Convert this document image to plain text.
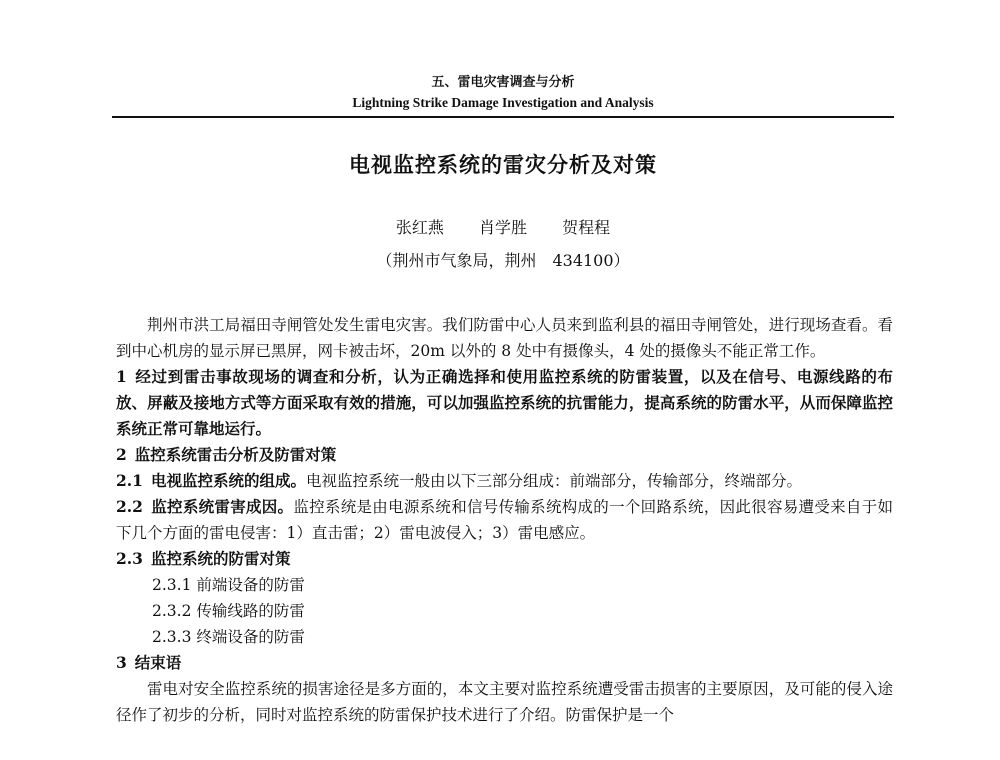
五、雷电灾害调查与分析
Lightning Strike Damage Investigation and Analysis
电视监控系统的雷灾分析及对策
张红燕 肖学胜 贺程程
（荆州市气象局，荆州　434100）

荆州市洪工局福田寺闸管处发生雷电灾害。我们防雷中心人员来到监利县的福田寺闸管处，进行现场查看。看到中心机房的显示屏已黑屏，网卡被击坏，20m 以外的 8 处中有摄像头，4 处的摄像头不能正常工作。

1 经过到雷击事故现场的调查和分析，认为正确选择和使用监控系统的防雷装置，以及在信号、电源线路的布放、屏蔽及接地方式等方面采取有效的措施，可以加强监控系统的抗雷能力，提高系统的防雷水平，从而保障监控系统正常可靠地运行。

2 监控系统雷击分析及防雷对策

2.1 电视监控系统的组成。电视监控系统一般由以下三部分组成：前端部分，传输部分，终端部分。

2.2 监控系统雷害成因。监控系统是由电源系统和信号传输系统构成的一个回路系统，因此很容易遭受来自于如下几个方面的雷电侵害：1）直击雷；2）雷电波侵入；3）雷电感应。

2.3 监控系统的防雷对策

2.3.1 前端设备的防雷

2.3.2 传输线路的防雷

2.3.3 终端设备的防雷

3 结束语

雷电对安全监控系统的损害途径是多方面的，本文主要对监控系统遭受雷击损害的主要原因，及可能的侵入途径作了初步的分析，同时对监控系统的防雷保护技术进行了介绍。防雷保护是一个
